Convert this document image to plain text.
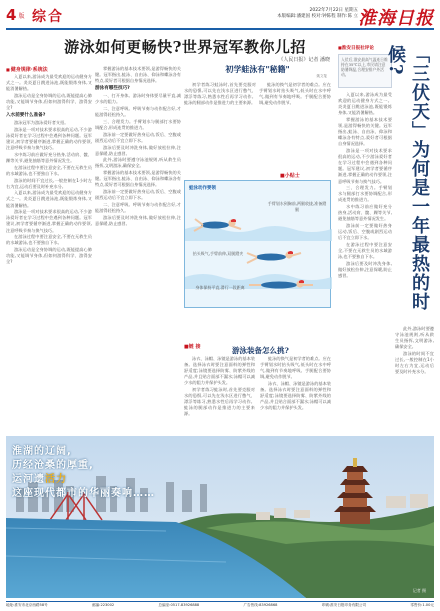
4 版 综合	2022年7月22日 星期五
本版编辑:潘建国 校对:钟陈程 制作:陈 立 淮海日报
游泳如何更畅快?世界冠军教你儿招
《人民日报》记者 潘晓
■ 健身规律·系统法

入夏以来,游泳成为最受欢迎的运动健身方式之一。炎炎夏日跳进泳池,既能锻炼身体,又能消暑解热。

游泳运动是全身协调的运动,既能提高心肺功能,又能调节身体,但如何游得科学、游得安全?

入水前要什么准备?

游泳冠军为游泳爱好者支招。

游泳是一项对技术要求很高的运动,不少游泳爱好者在学习过程中会遇到各种问题。冠军建议,初学者要循序渐进,掌握正确的动作要领,注意呼吸节奏与换气技巧。

水中练习前应做好充分热身,活动肩、髋、踝等关节,避免抽筋等意外情况发生。

在游泳过程中要注意安全,不要在无救生员的水域游泳,也不要独自下水。

游泳的时间不宜过长,一般控制在1小时左右为宜,运动后要及时补充水分。

入夏以来,游泳成为最受欢迎的运动健身方式之一。炎炎夏日跳进泳池,既能锻炼身体,又能消暑解热。

游泳是一项对技术要求很高的运动,不少游泳爱好者在学习过程中会遇到各种问题。冠军建议,初学者要循序渐进,掌握正确的动作要领,注意呼吸节奏与换气技巧。

在游泳过程中要注意安全,不要在无救生员的水域游泳,也不要独自下水。

游泳运动是全身协调的运动,既能提高心肺功能,又能调节身体,但如何游得科学、游得安全?

掌握游泳的基本技术要领,是游得畅快的关键。冠军指出,蛙泳、自由泳、仰泳和蝶泳各有特点,爱好者可根据自身情况选择。

游泳有哪些技巧?

一、打开身体。游泳时身体要尽量平直,减少水的阻力。

二、注意呼吸。呼吸节奏与动作配合好,才能游得轻松持久。

三、合理发力。手臂划水与腿部打水要协调配合,形成连贯的推进力。

游泳前一定要做好热身运动,饭后、空腹或剧烈运动后不宜立即下水。

游泳后要及时冲洗身体,做好放松拉伸,注意保暖,防止感冒。

此外,游泳时要遵守泳池规则,听从救生员指挥,文明游泳,确保安全。

掌握游泳的基本技术要领,是游得畅快的关键。冠军指出,蛙泳、自由泳、仰泳和蝶泳各有特点,爱好者可根据自身情况选择。

游泳前一定要做好热身运动,饭后、空腹或剧烈运动后不宜立即下水。

二、注意呼吸。呼吸节奏与动作配合好,才能游得轻松持久。

游泳后要及时冲洗身体,做好放松拉伸,注意保暖,防止感冒。

初学蛙泳有"秘籍"
姚文斐

初学者练习蛙泳时,首先要克服对水的恐惧,可以先在浅水区进行憋气、漂浮等练习,熟悉水性后再学习动作。蛙泳的腿部动作是推进力的主要来源。

蛙泳的换气是初学者的难点。应在手臂划水时抬头吸气,低头时在水中呼气,做到有节奏地呼吸。手腿配合要协调,避免动作脱节。

■小贴士
蛙泳动作要领
手臂划水到胸前,两腿收拢,准备蹬腿
抬头吸气,手臂前伸,双腿蹬夹
身体保持平直,滑行一段距离
■链 接	游泳装备怎么挑?

泳衣、泳帽、泳镜是游泳的基本装备。选择泳衣时要注意面料的弹性和舒适度;泳镜要选择防雾、防紫外线的产品,并且贴合面部不漏水;泳帽可以减少水的阻力并保护头发。

初学者练习蛙泳时,首先要克服对水的恐惧,可以先在浅水区进行憋气、漂浮等练习,熟悉水性后再学习动作。蛙泳的腿部动作是推进力的主要来源。

蛙泳的换气是初学者的难点。应在手臂划水时抬头吸气,低头时在水中呼气,做到有节奏地呼吸。手腿配合要协调,避免动作脱节。

泳衣、泳帽、泳镜是游泳的基本装备。选择泳衣时要注意面料的弹性和舒适度;泳镜要选择防雾、防紫外线的产品,并且贴合面部不漏水;泳帽可以减少水的阻力并保护头发。

■ 淮安日报社评论
入伏后,淮安最高气温连日维持在35℃以上,市民请注意防暑降温,合理安排户外活动。	「三伏天」为何是一年最热的时候?

入夏以来,游泳成为最受欢迎的运动健身方式之一。炎炎夏日跳进泳池,既能锻炼身体,又能消暑解热。

掌握游泳的基本技术要领,是游得畅快的关键。冠军指出,蛙泳、自由泳、仰泳和蝶泳各有特点,爱好者可根据自身情况选择。

游泳是一项对技术要求很高的运动,不少游泳爱好者在学习过程中会遇到各种问题。冠军建议,初学者要循序渐进,掌握正确的动作要领,注意呼吸节奏与换气技巧。

三、合理发力。手臂划水与腿部打水要协调配合,形成连贯的推进力。

水中练习前应做好充分热身,活动肩、髋、踝等关节,避免抽筋等意外情况发生。

游泳前一定要做好热身运动,饭后、空腹或剧烈运动后不宜立即下水。

在游泳过程中要注意安全,不要在无救生员的水域游泳,也不要独自下水。

游泳后要及时冲洗身体,做好放松拉伸,注意保暖,防止感冒。

此外,游泳时要遵守泳池规则,听从救生员指挥,文明游泳,确保安全。

游泳的时间不宜过长,一般控制在1小时左右为宜,运动后要及时补充水分。

淮湖的辽阔,
历经沧桑的厚重,
运河遗活力
这座现代都市的华丽奏响……
记者 摄
地址:淮安市北京西路58号	邮编:223002	总编室:0517-83926888	广告热线:83926868	印刷:淮安日报印务有限公司	零售价:1.00元
